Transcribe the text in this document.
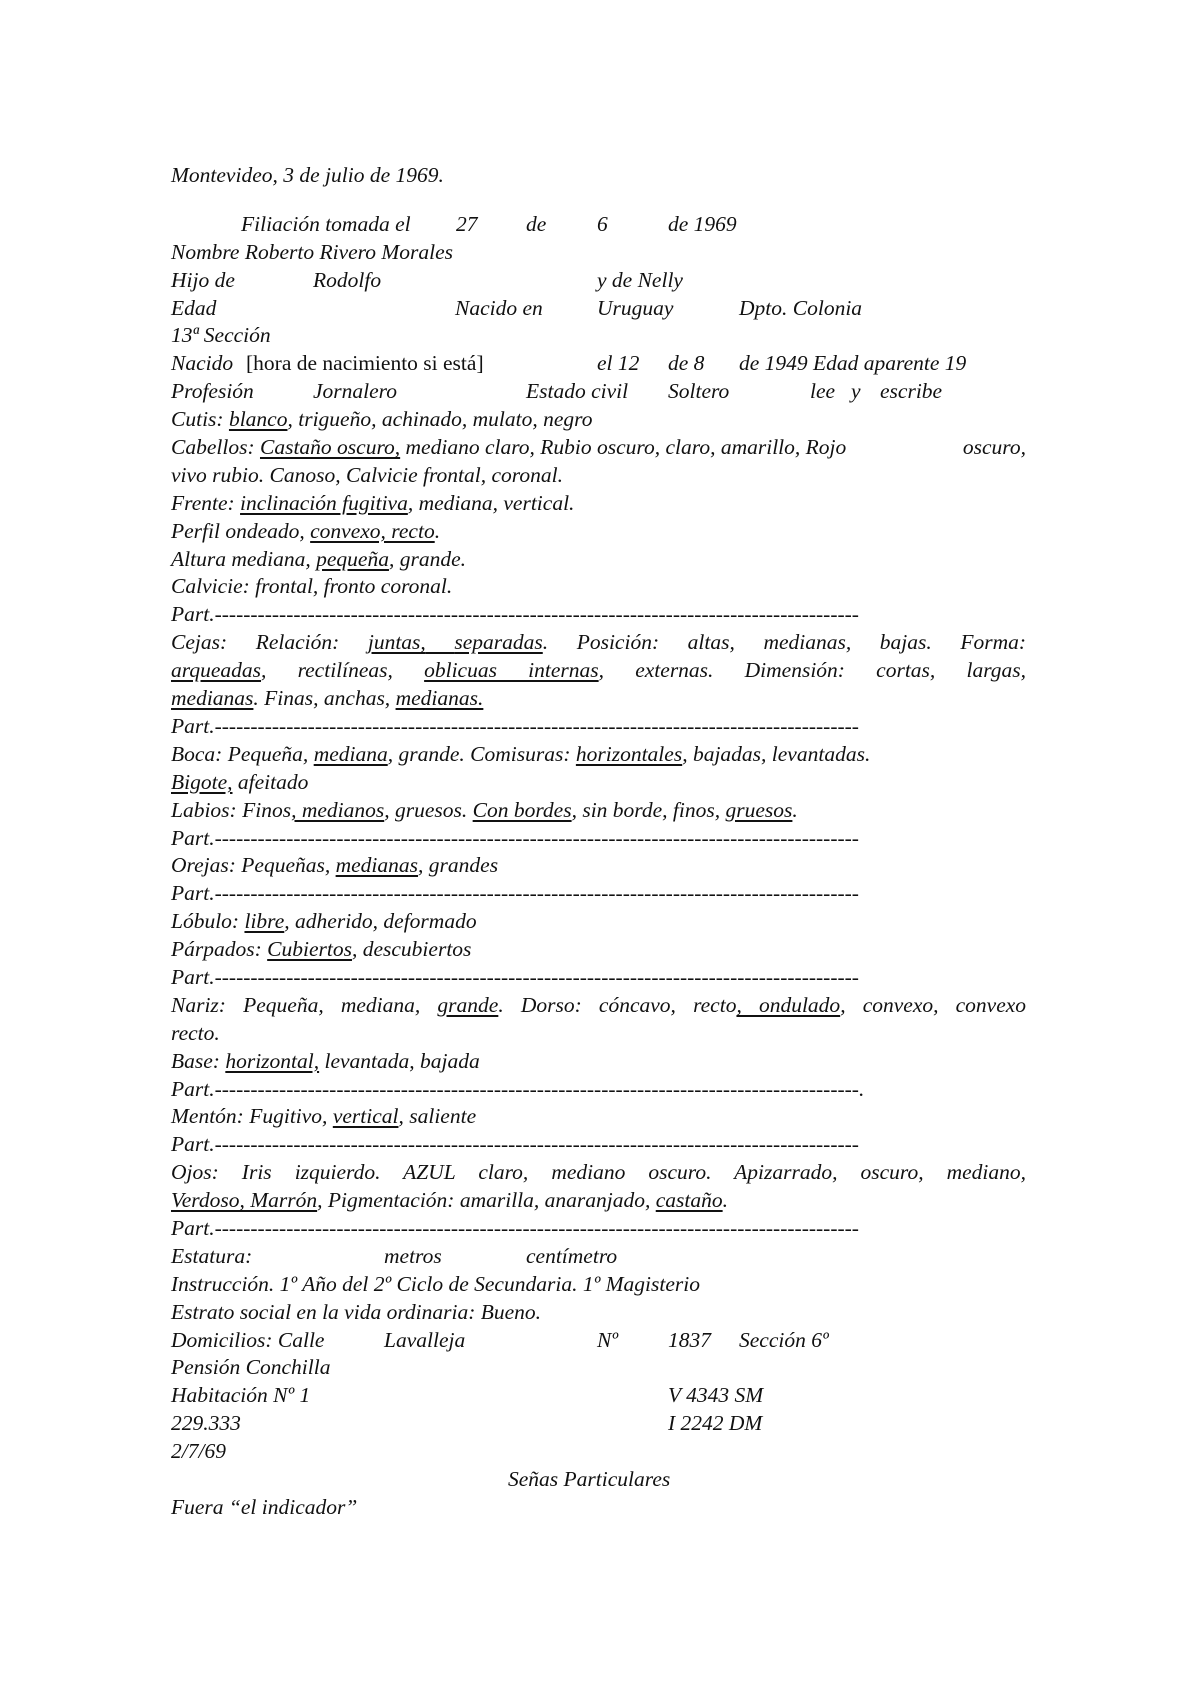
Montevideo, 3 de julio de 1969.
Filiación tomada el 27 de 6	de 1969
Nombre Roberto Rivero Morales
Hijo de	Rodolfo	y de Nelly
Edad	Nacido en	Uruguay	Dpto. Colonia
13ª Sección
Nacido [hora de nacimiento si está]	el 12 de 8 de 1949 Edad aparente 19
Profesión	Jornalero	Estado civil Soltero	lee y escribe
Cutis: blanco, trigueño, achinado, mulato, negro
Cabellos: Castaño oscuro, mediano claro, Rubio oscuro, claro, amarillo, Rojo	oscuro,
vivo rubio. Canoso, Calvicie frontal, coronal.
Frente: inclinación fugitiva, mediana, vertical.
Perfil ondeado, convexo, recto.
Altura mediana, pequeña, grande.
Calvicie: frontal, fronto coronal.
Part.------------------------------------------------------------------------------------------
Cejas: Relación: juntas, separadas. Posición: altas, medianas, bajas. Forma:
arqueadas, rectilíneas, oblicuas internas, externas. Dimensión: cortas, largas,
medianas. Finas, anchas, medianas.
Part.------------------------------------------------------------------------------------------
Boca: Pequeña, mediana, grande. Comisuras: horizontales, bajadas, levantadas.
Bigote, afeitado
Labios: Finos, medianos, gruesos. Con bordes, sin borde, finos, gruesos.
Part.------------------------------------------------------------------------------------------
Orejas: Pequeñas, medianas, grandes
Part.------------------------------------------------------------------------------------------
Lóbulo: libre, adherido, deformado
Párpados: Cubiertos, descubiertos
Part.------------------------------------------------------------------------------------------
Nariz: Pequeña, mediana, grande. Dorso: cóncavo, recto, ondulado, convexo, convexo
recto.
Base: horizontal, levantada, bajada
Part.------------------------------------------------------------------------------------------.
Mentón: Fugitivo, vertical, saliente
Part.------------------------------------------------------------------------------------------
Ojos: Iris izquierdo. AZUL claro, mediano oscuro. Apizarrado, oscuro, mediano,
Verdoso, Marrón, Pigmentación: amarilla, anaranjado, castaño.
Part.------------------------------------------------------------------------------------------
Estatura:	metros	centímetro
Instrucción. 1º Año del 2º Ciclo de Secundaria. 1º Magisterio
Estrato social en la vida ordinaria: Bueno.
Domicilios: Calle	Lavalleja	Nº 1837 Sección 6º
Pensión Conchilla
Habitación Nº 1	V 4343 SM
229.333	I 2242 DM
2/7/69
Señas Particulares
Fuera “el indicador”
